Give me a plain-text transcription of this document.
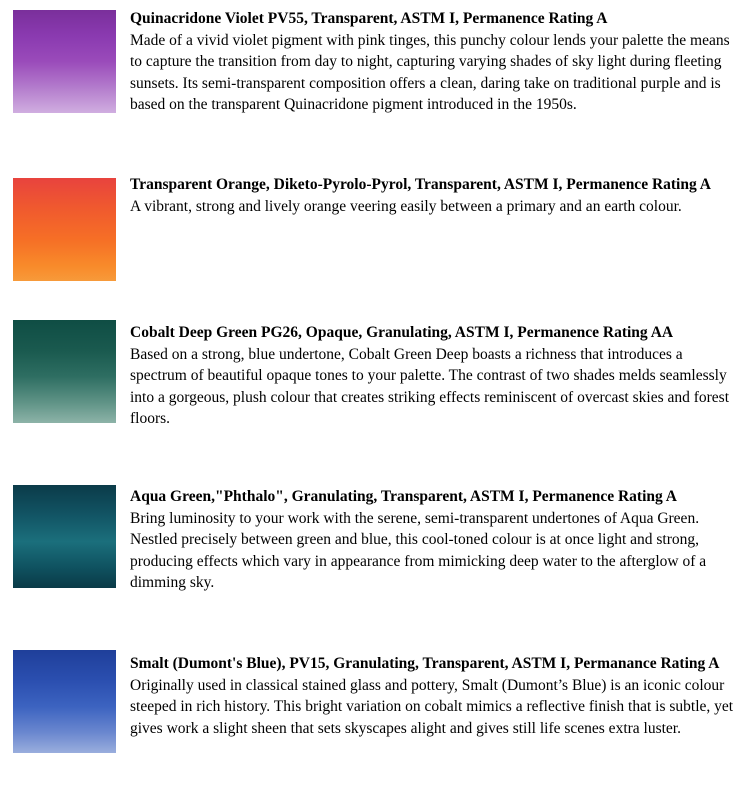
Quinacridone Violet PV55, Transparent, ASTM I, Permanence Rating A
Made of a vivid violet pigment with pink tinges, this punchy colour lends your palette the means to capture the transition from day to night, capturing varying shades of sky light during fleeting sunsets. Its semi-transparent composition offers a clean, daring take on traditional purple and is based on the transparent Quinacridone pigment introduced in the 1950s.
Transparent Orange, Diketo-Pyrolo-Pyrol, Transparent, ASTM I, Permanence Rating A
A vibrant, strong and lively orange veering easily between a primary and an earth colour.
Cobalt Deep Green PG26, Opaque, Granulating, ASTM I, Permanence Rating AA
Based on a strong, blue undertone, Cobalt Green Deep boasts a richness that introduces a spectrum of beautiful opaque tones to your palette. The contrast of two shades melds seamlessly into a gorgeous, plush colour that creates striking effects reminiscent of overcast skies and forest floors.
Aqua Green,"Phthalo", Granulating, Transparent, ASTM I, Permanence Rating A
Bring luminosity to your work with the serene, semi-transparent undertones of Aqua Green. Nestled precisely between green and blue, this cool-toned colour is at once light and strong, producing effects which vary in appearance from mimicking deep water to the afterglow of a dimming sky.
Smalt (Dumont's Blue), PV15, Granulating, Transparent, ASTM I, Permanance Rating A
Originally used in classical stained glass and pottery, Smalt (Dumont’s Blue) is an iconic colour steeped in rich history. This bright variation on cobalt mimics a reflective finish that is subtle, yet gives work a slight sheen that sets skyscapes alight and gives still life scenes extra luster.
